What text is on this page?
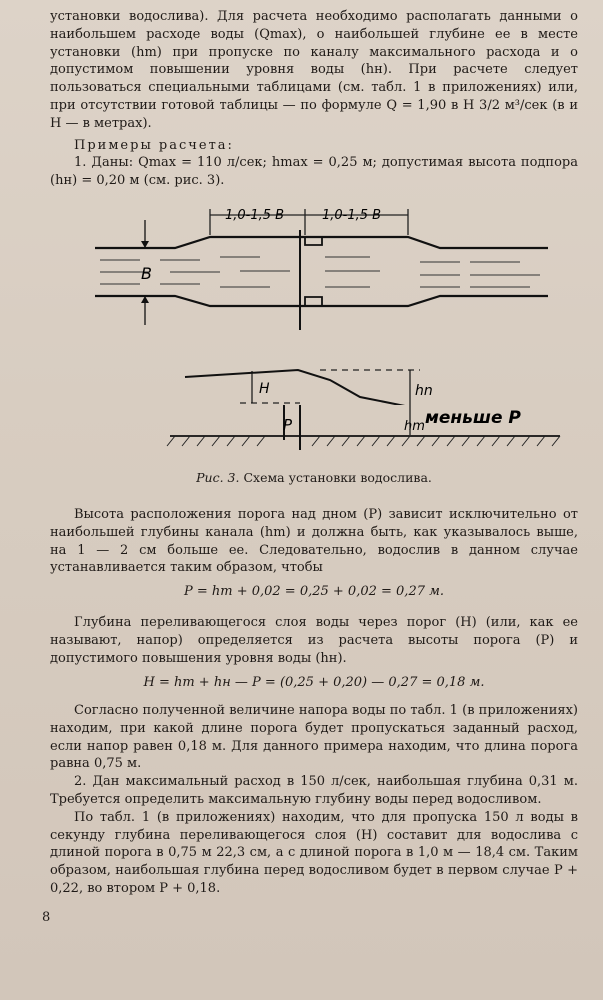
установки водослива). Для расчета необходимо располагать данными о наибольшем расходе воды (Qmax), о наибольшей глубине ее в месте установки (hm) при пропуске по каналу максимального расхода и о допустимом повышении уровня воды (hн). При расчете следует пользоваться специальными таблицами (см. табл. 1 в приложениях) или, при отсутствии готовой таблицы — по формуле Q = 1,90 в H 3/2 м³/сек (в и H — в метрах).

Примеры расчета:

1. Даны: Qmax = 110 л/сек; hmax = 0,25 м; допустимая высота подпора (hн) = 0,20 м (см. рис. 3).

1,0-1,5 B	1,0-1,5 B
B
H	hn
P	hm меньше P
Рис. 3. Схема установки водослива.

Высота расположения порога над дном (P) зависит исключительно от наибольшей глубины канала (hm) и должна быть, как указывалось выше, на 1 — 2 см больше ее. Следовательно, водослив в данном случае устанавливается таким образом, чтобы

P = hm + 0,02 = 0,25 + 0,02 = 0,27 м.

Глубина переливающегося слоя воды через порог (H) (или, как ее называют, напор) определяется из расчета высоты порога (P) и допустимого повышения уровня воды (hн).

H = hm + hн — P = (0,25 + 0,20) — 0,27 = 0,18 м.

Согласно полученной величине напора воды по табл. 1 (в приложениях) находим, при какой длине порога будет пропускаться заданный расход, если напор равен 0,18 м. Для данного примера находим, что длина порога равна 0,75 м.

2. Дан максимальный расход в 150 л/сек, наибольшая глубина 0,31 м. Требуется определить максимальную глубину воды перед водосливом.

По табл. 1 (в приложениях) находим, что для пропуска 150 л воды в секунду глубина переливающегося слоя (H) составит для водослива с длиной порога в 0,75 м 22,3 см, а с длиной порога в 1,0 м — 18,4 см. Таким образом, наибольшая глубина перед водосливом будет в первом случае P + 0,22, во втором P + 0,18.

8
